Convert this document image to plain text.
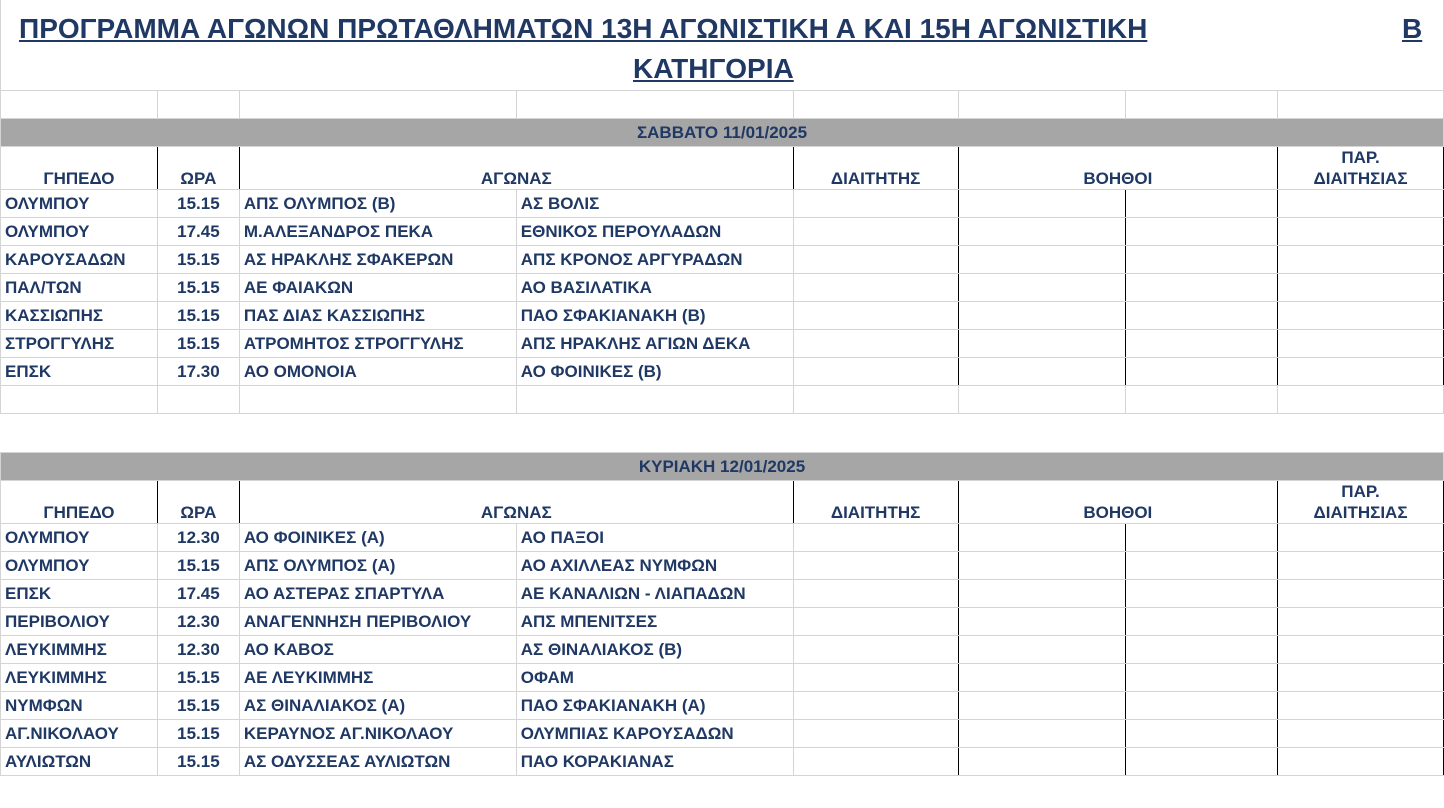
ΠΡΟΓΡΑΜΜΑ ΑΓΩΝΩΝ ΠΡΩΤΑΘΛΗΜΑΤΩΝ 13Η ΑΓΩΝΙΣΤΙΚΗ Α ΚΑΙ 15Η ΑΓΩΝΙΣΤΙΚΗ	Β
ΚΑΤΗΓΟΡΙΑ

ΣΑΒΒΑΤΟ 11/01/2025							
ΓΗΠΕΔΟ	ΩΡΑ	ΑΓΩΝΑΣ		ΔΙΑΙΤΗΤΗΣ	ΒΟΗΘΟΙ		ΠΑΡ.
ΔΙΑΙΤΗΣΙΑΣ
ΟΛΥΜΠΟΥ	15.15	ΑΠΣ ΟΛΥΜΠΟΣ (Β)	ΑΣ ΒΟΛΙΣ				
ΟΛΥΜΠΟΥ	17.45	Μ.ΑΛΕΞΑΝΔΡΟΣ ΠΕΚΑ	ΕΘΝΙΚΟΣ ΠΕΡΟΥΛΑΔΩΝ				
ΚΑΡΟΥΣΑΔΩΝ	15.15	ΑΣ ΗΡΑΚΛΗΣ ΣΦΑΚΕΡΩΝ	ΑΠΣ ΚΡΟΝΟΣ ΑΡΓΥΡΑΔΩΝ				
ΠΑΛ/ΤΩΝ	15.15	ΑΕ ΦΑΙΑΚΩΝ	ΑΟ ΒΑΣΙΛΑΤΙΚΑ				
ΚΑΣΣΙΩΠΗΣ	15.15	ΠΑΣ ΔΙΑΣ ΚΑΣΣΙΩΠΗΣ	ΠΑΟ ΣΦΑΚΙΑΝΑΚΗ (Β)				
ΣΤΡΟΓΓΥΛΗΣ	15.15	ΑΤΡΟΜΗΤΟΣ ΣΤΡΟΓΓΥΛΗΣ	ΑΠΣ ΗΡΑΚΛΗΣ ΑΓΙΩΝ ΔΕΚΑ				
ΕΠΣΚ	17.30	ΑΟ ΟΜΟΝΟΙΑ	ΑΟ ΦΟΙΝΙΚΕΣ (Β)				

ΚΥΡΙΑΚΗ 12/01/2025							
ΓΗΠΕΔΟ	ΩΡΑ	ΑΓΩΝΑΣ		ΔΙΑΙΤΗΤΗΣ	ΒΟΗΘΟΙ		ΠΑΡ.
ΔΙΑΙΤΗΣΙΑΣ
ΟΛΥΜΠΟΥ	12.30	ΑΟ ΦΟΙΝΙΚΕΣ (Α)	ΑΟ ΠΑΞΟΙ				
ΟΛΥΜΠΟΥ	15.15	ΑΠΣ ΟΛΥΜΠΟΣ (Α)	ΑΟ ΑΧΙΛΛΕΑΣ ΝΥΜΦΩΝ				
ΕΠΣΚ	17.45	ΑΟ ΑΣΤΕΡΑΣ ΣΠΑΡΤΥΛΑ	ΑΕ ΚΑΝΑΛΙΩΝ - ΛΙΑΠΑΔΩΝ				
ΠΕΡΙΒΟΛΙΟΥ	12.30	ΑΝΑΓΕΝΝΗΣΗ ΠΕΡΙΒΟΛΙΟΥ	ΑΠΣ ΜΠΕΝΙΤΣΕΣ				
ΛΕΥΚΙΜΜΗΣ	12.30	ΑΟ ΚΑΒΟΣ	ΑΣ ΘΙΝΑΛΙΑΚΟΣ (Β)				
ΛΕΥΚΙΜΜΗΣ	15.15	ΑΕ ΛΕΥΚΙΜΜΗΣ	ΟΦΑΜ				
ΝΥΜΦΩΝ	15.15	ΑΣ ΘΙΝΑΛΙΑΚΟΣ (Α)	ΠΑΟ ΣΦΑΚΙΑΝΑΚΗ (Α)				
ΑΓ.ΝΙΚΟΛΑΟΥ	15.15	ΚΕΡΑΥΝΟΣ ΑΓ.ΝΙΚΟΛΑΟΥ	ΟΛΥΜΠΙΑΣ ΚΑΡΟΥΣΑΔΩΝ				
ΑΥΛΙΩΤΩΝ	15.15	ΑΣ ΟΔΥΣΣΕΑΣ ΑΥΛΙΩΤΩΝ	ΠΑΟ ΚΟΡΑΚΙΑΝΑΣ				
